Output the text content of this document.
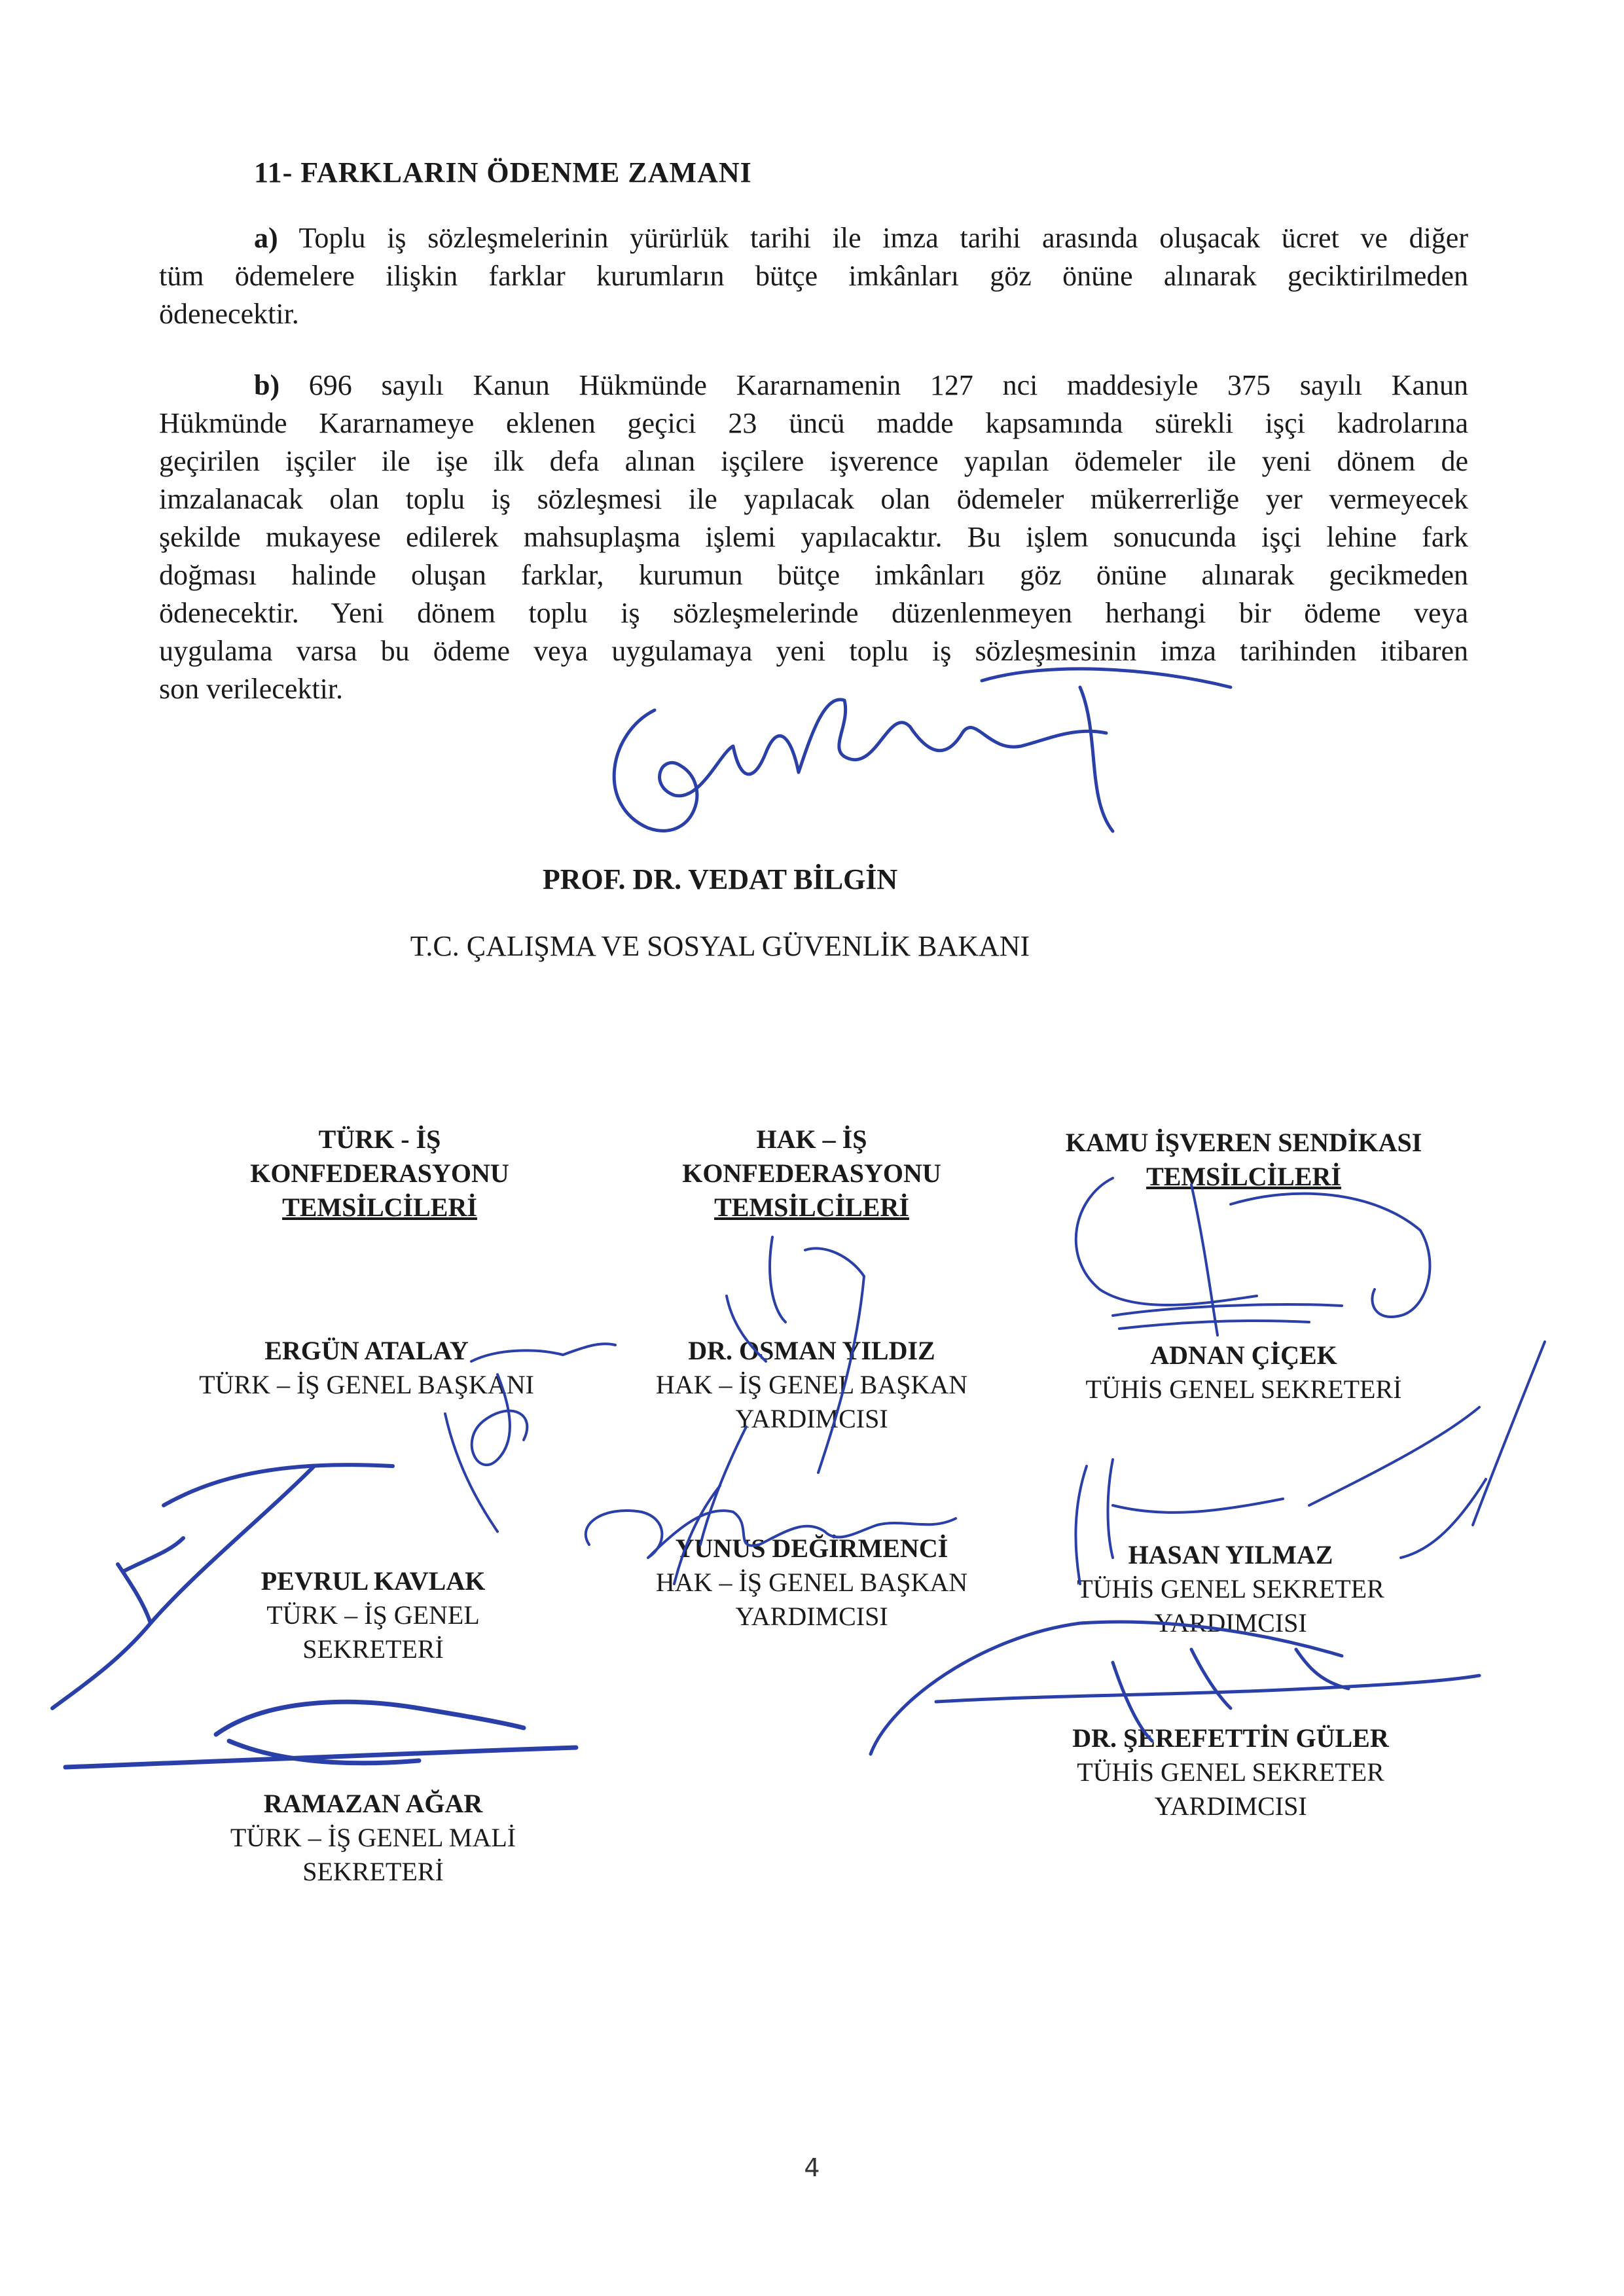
11- FARKLARIN ÖDENME ZAMANI
a) Toplu iş sözleşmelerinin yürürlük tarihi ile imza tarihi arasında oluşacak ücret ve diğer
tüm ödemelere ilişkin farklar kurumların bütçe imkânları göz önüne alınarak geciktirilmeden
ödenecektir.
b) 696 sayılı Kanun Hükmünde Kararnamenin 127 nci maddesiyle 375 sayılı Kanun
Hükmünde Kararnameye eklenen geçici 23 üncü madde kapsamında sürekli işçi kadrolarına
geçirilen işçiler ile işe ilk defa alınan işçilere işverence yapılan ödemeler ile yeni dönem de
imzalanacak olan toplu iş sözleşmesi ile yapılacak olan ödemeler mükerrerliğe yer vermeyecek
şekilde mukayese edilerek mahsuplaşma işlemi yapılacaktır. Bu işlem sonucunda işçi lehine fark
doğması halinde oluşan farklar, kurumun bütçe imkânları göz önüne alınarak gecikmeden
ödenecektir. Yeni dönem toplu iş sözleşmelerinde düzenlenmeyen herhangi bir ödeme veya
uygulama varsa bu ödeme veya uygulamaya yeni toplu iş sözleşmesinin imza tarihinden itibaren
son verilecektir.
PROF. DR. VEDAT BİLGİN
T.C. ÇALIŞMA VE SOSYAL GÜVENLİK BAKANI
TÜRK - İŞ
KONFEDERASYONU
TEMSİLCİLERİ
HAK – İŞ
KONFEDERASYONU
TEMSİLCİLERİ
KAMU İŞVEREN SENDİKASI
TEMSİLCİLERİ
ERGÜN ATALAY
TÜRK – İŞ GENEL BAŞKANI
DR. OSMAN YILDIZ
HAK – İŞ GENEL BAŞKAN
YARDIMCISI
ADNAN ÇİÇEK
TÜHİS GENEL SEKRETERİ
PEVRUL KAVLAK
TÜRK – İŞ GENEL
SEKRETERİ
YUNUS DEĞİRMENCİ
HAK – İŞ GENEL BAŞKAN
YARDIMCISI
HASAN YILMAZ
TÜHİS GENEL SEKRETER
YARDIMCISI
RAMAZAN AĞAR
TÜRK – İŞ GENEL MALİ
SEKRETERİ
DR. ŞEREFETTİN GÜLER
TÜHİS GENEL SEKRETER
YARDIMCISI
4
